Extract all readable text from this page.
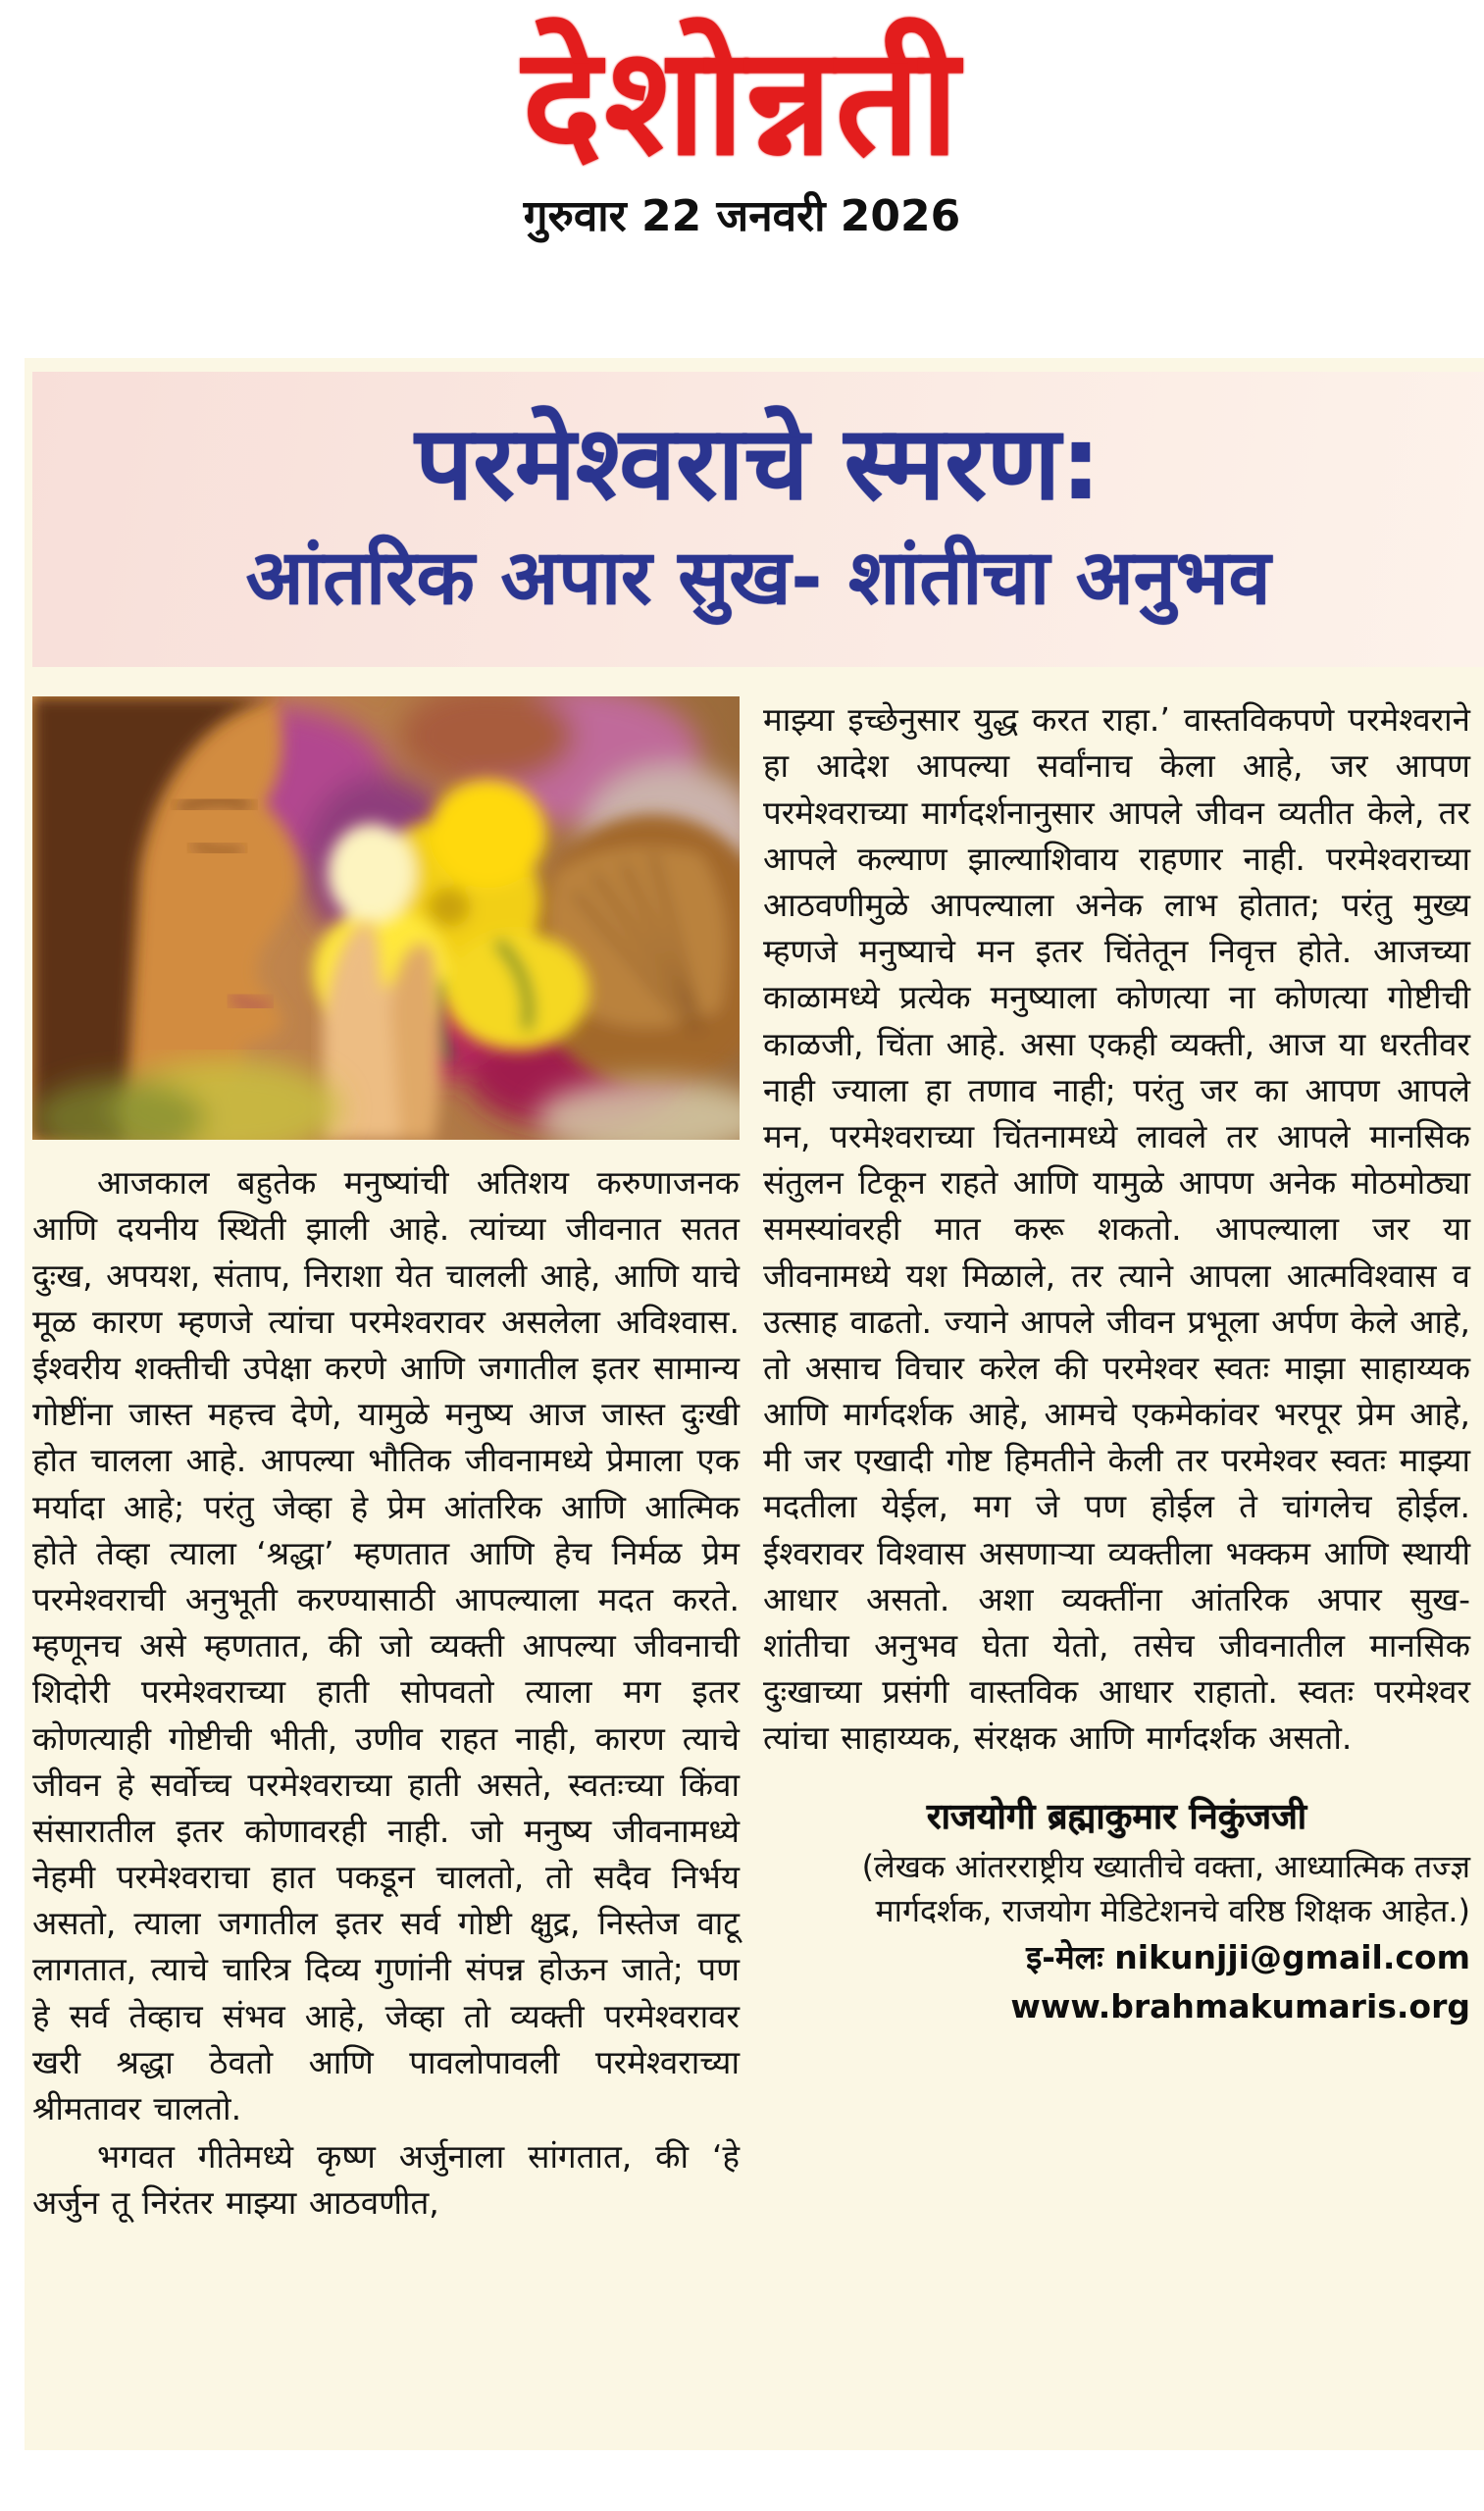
देशोन्नती
गुरुवार 22 जनवरी 2026
परमेश्वराचे स्मरण:
आंतरिक अपार सुख- शांतीचा अनुभव

आजकाल बहुतेक मनुष्यांची अतिशय करुणाजनक आणि दयनीय स्थिती झाली आहे. त्यांच्या जीवनात सतत दुःख, अपयश, संताप, निराशा येत चालली आहे, आणि याचे मूळ कारण म्हणजे त्यांचा परमेश्वरावर असलेला अविश्वास. ईश्वरीय शक्तीची उपेक्षा करणे आणि जगातील इतर सामान्य गोष्टींना जास्त महत्त्व देणे, यामुळे मनुष्य आज जास्त दुःखी होत चालला आहे. आपल्या भौतिक जीवनामध्ये प्रेमाला एक मर्यादा आहे; परंतु जेव्हा हे प्रेम आंतरिक आणि आत्मिक होते तेव्हा त्याला ‘श्रद्धा’ म्हणतात आणि हेच निर्मळ प्रेम परमेश्वराची अनुभूती करण्यासाठी आपल्याला मदत करते. म्हणूनच असे म्हणतात, की जो व्यक्ती आपल्या जीवनाची शिदोरी परमेश्वराच्या हाती सोपवतो त्याला मग इतर कोणत्याही गोष्टीची भीती, उणीव राहत नाही, कारण त्याचे जीवन हे सर्वोच्च परमेश्वराच्या हाती असते, स्वतःच्या किंवा संसारातील इतर कोणावरही नाही. जो मनुष्य जीवनामध्ये नेहमी परमेश्वराचा हात पकडून चालतो, तो सदैव निर्भय असतो, त्याला जगातील इतर सर्व गोष्टी क्षुद्र, निस्तेज वाटू लागतात, त्याचे चारित्र दिव्य गुणांनी संपन्न होऊन जाते; पण हे सर्व तेव्हाच संभव आहे, जेव्हा तो व्यक्ती परमेश्वरावर खरी श्रद्धा ठेवतो आणि पावलोपावली परमेश्वराच्या श्रीमतावर चालतो.

भगवत गीतेमध्ये कृष्ण अर्जुनाला सांगतात, की ‘हे अर्जुन तू निरंतर माझ्या आठवणीत,

माझ्या इच्छेनुसार युद्ध करत राहा.’ वास्तविकपणे परमेश्वराने हा आदेश आपल्या सर्वांनाच केला आहे, जर आपण परमेश्वराच्या मार्गदर्शनानुसार आपले जीवन व्यतीत केले, तर आपले कल्याण झाल्याशिवाय राहणार नाही. परमेश्वराच्या आठवणीमुळे आपल्याला अनेक लाभ होतात; परंतु मुख्य म्हणजे मनुष्याचे मन इतर चिंतेतून निवृत्त होते. आजच्या काळामध्ये प्रत्येक मनुष्याला कोणत्या ना कोणत्या गोष्टीची काळजी, चिंता आहे. असा एकही व्यक्ती, आज या धरतीवर नाही ज्याला हा तणाव नाही; परंतु जर का आपण आपले मन, परमेश्वराच्या चिंतनामध्ये लावले तर आपले मानसिक संतुलन टिकून राहते आणि यामुळे आपण अनेक मोठमोठ्या समस्यांवरही मात करू शकतो. आपल्याला जर या जीवनामध्ये यश मिळाले, तर त्याने आपला आत्मविश्वास व उत्साह वाढतो. ज्याने आपले जीवन प्रभूला अर्पण केले आहे, तो असाच विचार करेल की परमेश्वर स्वतः माझा साहाय्यक आणि मार्गदर्शक आहे, आमचे एकमेकांवर भरपूर प्रेम आहे, मी जर एखादी गोष्ट हिमतीने केली तर परमेश्वर स्वतः माझ्या मदतीला येईल, मग जे पण होईल ते चांगलेच होईल. ईश्वरावर विश्वास असणाऱ्या व्यक्तीला भक्कम आणि स्थायी आधार असतो. अशा व्यक्तींना आंतरिक अपार सुख- शांतीचा अनुभव घेता येतो, तसेच जीवनातील मानसिक दुःखाच्या प्रसंगी वास्तविक आधार राहातो. स्वतः परमेश्वर त्यांचा साहाय्यक, संरक्षक आणि मार्गदर्शक असतो.

राजयोगी ब्रह्माकुमार निकुंजजी

(लेखक आंतरराष्ट्रीय ख्यातीचे वक्ता, आध्यात्मिक तज्ज्ञ मार्गदर्शक, राजयोग मेडिटेशनचे वरिष्ठ शिक्षक आहेत.)

इ-मेलः nikunjji@gmail.com

www.brahmakumaris.org
